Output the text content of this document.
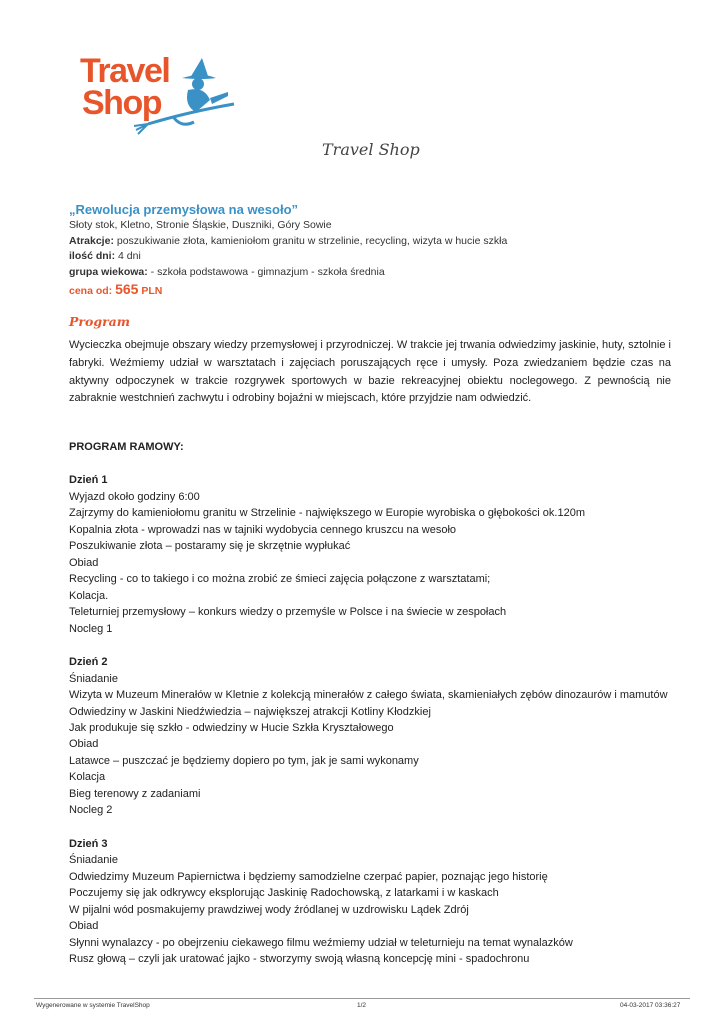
Travel
Shop
Travel Shop

„Rewolucja przemysłowa na wesoło”

Słoty stok, Kletno, Stronie Śląskie, Duszniki, Góry Sowie

Atrakcje: poszukiwanie złota, kamieniołom granitu w strzelinie, recycling, wizyta w hucie szkła

ilość dni: 4 dni

grupa wiekowa: - szkoła podstawowa - gimnazjum - szkoła średnia

cena od: 565 PLN

Program

Wycieczka obejmuje obszary wiedzy przemysłowej i przyrodniczej. W trakcie jej trwania odwiedzimy jaskinie, huty, sztolnie i fabryki. Weźmiemy udział w warsztatach i zajęciach poruszających ręce i umysły. Poza zwiedzaniem będzie czas na aktywny odpoczynek w trakcie rozgrywek sportowych w bazie rekreacyjnej obiektu noclegowego. Z pewnością nie zabraknie westchnień zachwytu i odrobiny bojaźni w miejscach, które przyjdzie nam odwiedzić.

PROGRAM RAMOWY:

Dzień 1

Wyjazd około godziny 6:00

Zajrzymy do kamieniołomu granitu w Strzelinie - największego w Europie wyrobiska o głębokości ok.120m

Kopalnia złota - wprowadzi nas w tajniki wydobycia cennego kruszcu na wesoło

Poszukiwanie złota – postaramy się je skrzętnie wypłukać

Obiad

Recycling - co to takiego i co można zrobić ze śmieci zajęcia połączone z warsztatami;

Kolacja.

Teleturniej przemysłowy – konkurs wiedzy o przemyśle w Polsce i na świecie w zespołach

Nocleg 1

Dzień 2

Śniadanie

Wizyta w Muzeum Minerałów w Kletnie z kolekcją minerałów z całego świata, skamieniałych zębów dinozaurów i mamutów

Odwiedziny w Jaskini Niedźwiedzia – największej atrakcji Kotliny Kłodzkiej

Jak produkuje się szkło - odwiedziny w Hucie Szkła Kryształowego

Obiad

Latawce – puszczać je będziemy dopiero po tym, jak je sami wykonamy

Kolacja

Bieg terenowy z zadaniami

Nocleg 2

Dzień 3

Śniadanie

Odwiedzimy Muzeum Papiernictwa i będziemy samodzielne czerpać papier, poznając jego historię

Poczujemy się jak odkrywcy eksplorując Jaskinię Radochowską, z latarkami i w kaskach

W pijalni wód posmakujemy prawdziwej wody źródlanej w uzdrowisku Lądek Zdrój

Obiad

Słynni wynalazcy - po obejrzeniu ciekawego filmu weźmiemy udział w teleturnieju na temat wynalazków

Rusz głową – czyli jak uratować jajko - stworzymy swoją własną koncepcję mini - spadochronu

Wygenerowane w systemie TravelShop	1/2	04-03-2017 03:36:27
